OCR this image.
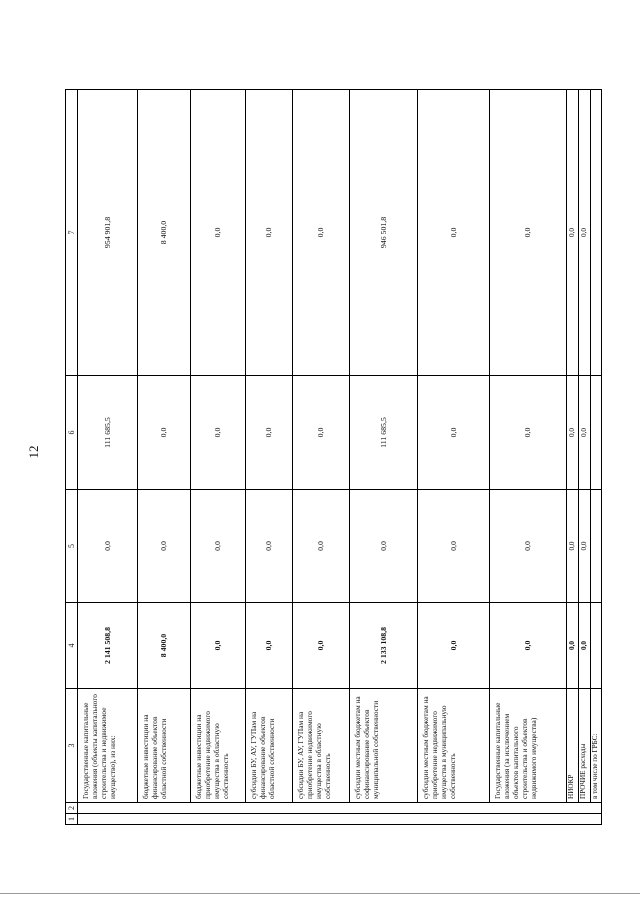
12
1	2	3	4	5	6	7
		Государственные капитальные вложения (объекты капитального строительства и недвижимое имущество), из них:	2 141 508,8	0,0	111 685,5	954 901,8
		бюджетные инвестиции на финансирование объектов областной собственности	8 400,0	0,0	0,0	8 400,0
		бюджетные инвестиции на приобретение недвижимого имущества в областную собственность	0,0	0,0	0,0	0,0
		субсидии БУ, АУ, ГУПам на финансирование объектов областной собственности	0,0	0,0	0,0	0,0
		субсидии БУ, АУ, ГУПам на приобретение недвижимого имущества в областную собственность	0,0	0,0	0,0	0,0
		субсидии местным бюджетам на софинансирование объектов муниципальной собственности	2 133 108,8	0,0	111 685,5	946 501,8
		субсидии местным бюджетам на приобретение недвижимого имущества в муниципальную собственность	0,0	0,0	0,0	0,0
		Государственные капитальные вложения (за исключением объектов капитального строительства и объектов недвижимого имущества)	0,0	0,0	0,0	0,0
		НИОКР	0,0	0,0	0,0	0,0
		ПРОЧИЕ расходы	0,0	0,0	0,0	0,0
		в том числе по ГРБС:				
